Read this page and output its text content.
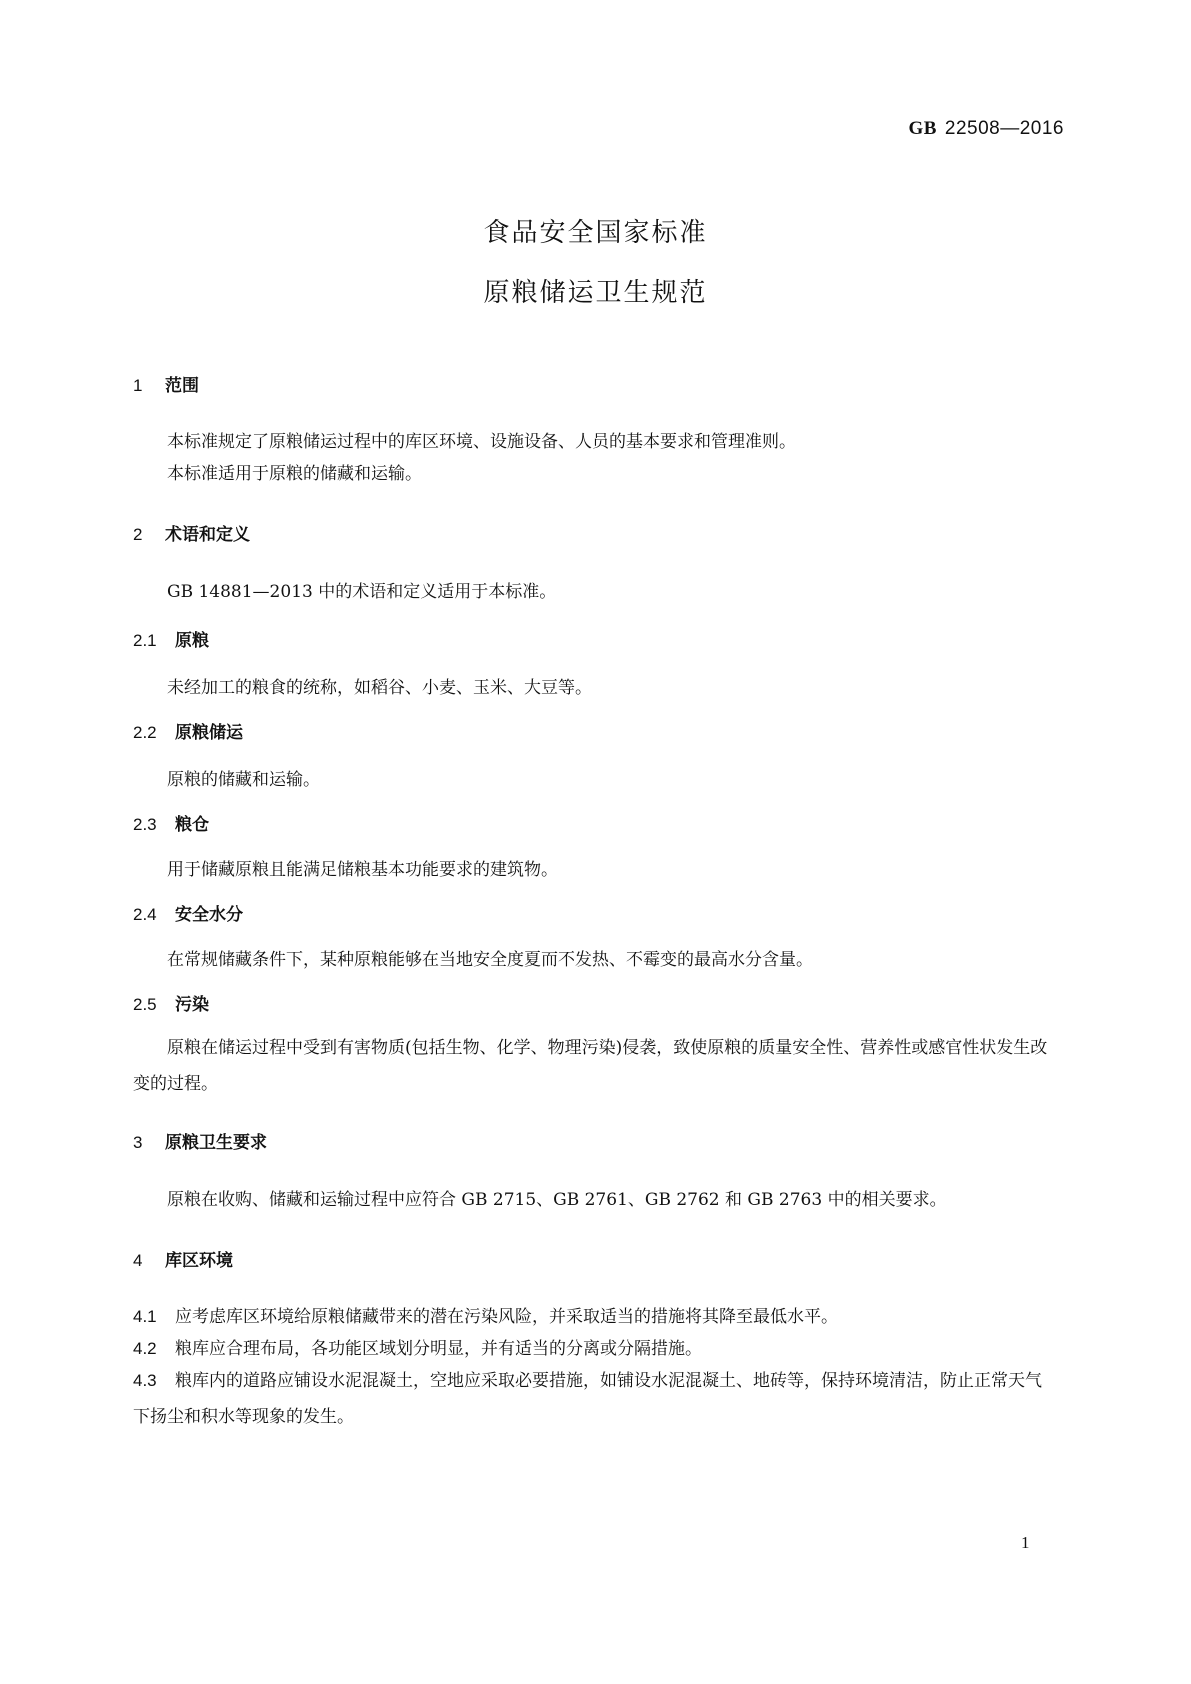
GB 22508—2016
食品安全国家标准
原粮储运卫生规范
1 范围
本标准规定了原粮储运过程中的库区环境、设施设备、人员的基本要求和管理准则。
本标准适用于原粮的储藏和运输。
2 术语和定义
GB 14881—2013 中的术语和定义适用于本标准。
2.1 原粮
未经加工的粮食的统称，如稻谷、小麦、玉米、大豆等。
2.2 原粮储运
原粮的储藏和运输。
2.3 粮仓
用于储藏原粮且能满足储粮基本功能要求的建筑物。
2.4 安全水分
在常规储藏条件下，某种原粮能够在当地安全度夏而不发热、不霉变的最高水分含量。
2.5 污染
原粮在储运过程中受到有害物质(包括生物、化学、物理污染)侵袭，致使原粮的质量安全性、营养性或感官性状发生改变的过程。
3 原粮卫生要求
原粮在收购、储藏和运输过程中应符合 GB 2715、GB 2761、GB 2762 和 GB 2763 中的相关要求。
4 库区环境
4.1 应考虑库区环境给原粮储藏带来的潜在污染风险，并采取适当的措施将其降至最低水平。
4.2 粮库应合理布局，各功能区域划分明显，并有适当的分离或分隔措施。
4.3 粮库内的道路应铺设水泥混凝土，空地应采取必要措施，如铺设水泥混凝土、地砖等，保持环境清洁，防止正常天气下扬尘和积水等现象的发生。
1
